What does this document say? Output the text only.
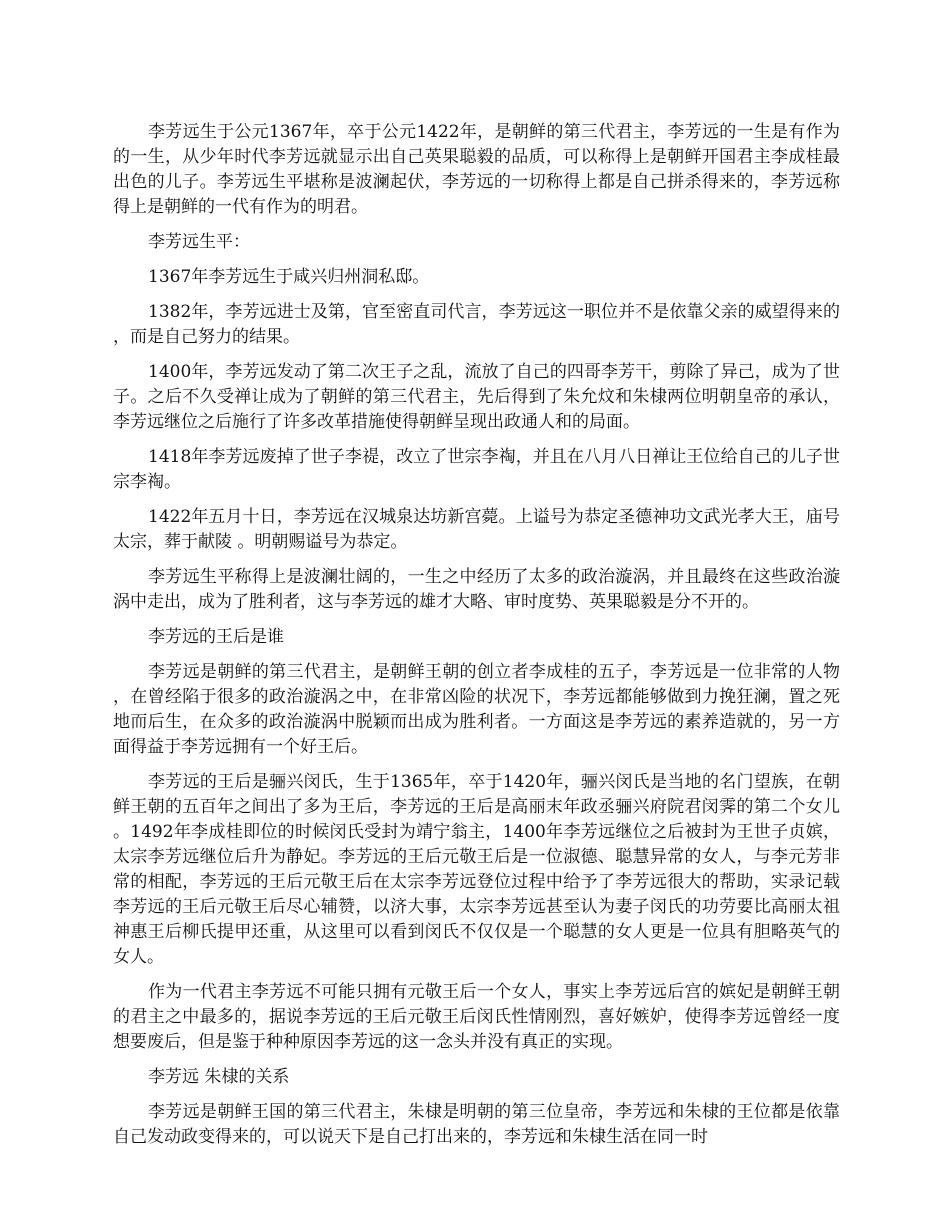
李芳远生于公元1367年，卒于公元1422年，是朝鲜的第三代君主，李芳远的一生是有作为的一生，从少年时代李芳远就显示出自己英果聪毅的品质，可以称得上是朝鲜开国君主李成桂最出色的儿子。李芳远生平堪称是波澜起伏，李芳远的一切称得上都是自己拼杀得来的，李芳远称得上是朝鲜的一代有作为的明君。

李芳远生平：

1367年李芳远生于咸兴归州洞私邸。

1382年，李芳远进士及第，官至密直司代言，李芳远这一职位并不是依靠父亲的威望得来的，而是自己努力的结果。

1400年，李芳远发动了第二次王子之乱，流放了自己的四哥李芳干，剪除了异己，成为了世子。之后不久受禅让成为了朝鲜的第三代君主，先后得到了朱允炆和朱棣两位明朝皇帝的承认，李芳远继位之后施行了许多改革措施使得朝鲜呈现出政通人和的局面。

1418年李芳远废掉了世子李禔，改立了世宗李祹，并且在八月八日禅让王位给自己的儿子世宗李祹。

1422年五月十日，李芳远在汉城泉达坊新宫薨。上谥号为恭定圣德神功文武光孝大王，庙号太宗，葬于献陵 。明朝赐谥号为恭定。

李芳远生平称得上是波澜壮阔的，一生之中经历了太多的政治漩涡，并且最终在这些政治漩涡中走出，成为了胜利者，这与李芳远的雄才大略、审时度势、英果聪毅是分不开的。

李芳远的王后是谁

李芳远是朝鲜的第三代君主，是朝鲜王朝的创立者李成桂的五子，李芳远是一位非常的人物，在曾经陷于很多的政治漩涡之中，在非常凶险的状况下，李芳远都能够做到力挽狂澜，置之死地而后生，在众多的政治漩涡中脱颖而出成为胜利者。一方面这是李芳远的素养造就的，另一方面得益于李芳远拥有一个好王后。

李芳远的王后是骊兴闵氏，生于1365年，卒于1420年，骊兴闵氏是当地的名门望族，在朝鲜王朝的五百年之间出了多为王后，李芳远的王后是高丽末年政丞骊兴府院君闵霁的第二个女儿。1492年李成桂即位的时候闵氏受封为靖宁翁主，1400年李芳远继位之后被封为王世子贞嫔，太宗李芳远继位后升为静妃。李芳远的王后元敬王后是一位淑德、聪慧异常的女人，与李元芳非常的相配，李芳远的王后元敬王后在太宗李芳远登位过程中给予了李芳远很大的帮助，实录记载李芳远的王后元敬王后尽心辅赞，以济大事，太宗李芳远甚至认为妻子闵氏的功劳要比高丽太祖神惠王后柳氏提甲还重，从这里可以看到闵氏不仅仅是一个聪慧的女人更是一位具有胆略英气的女人。

作为一代君主李芳远不可能只拥有元敬王后一个女人，事实上李芳远后宫的嫔妃是朝鲜王朝的君主之中最多的，据说李芳远的王后元敬王后闵氏性情刚烈，喜好嫉妒，使得李芳远曾经一度想要废后，但是鉴于种种原因李芳远的这一念头并没有真正的实现。

李芳远 朱棣的关系

李芳远是朝鲜王国的第三代君主，朱棣是明朝的第三位皇帝，李芳远和朱棣的王位都是依靠自己发动政变得来的，可以说天下是自己打出来的，李芳远和朱棣生活在同一时
